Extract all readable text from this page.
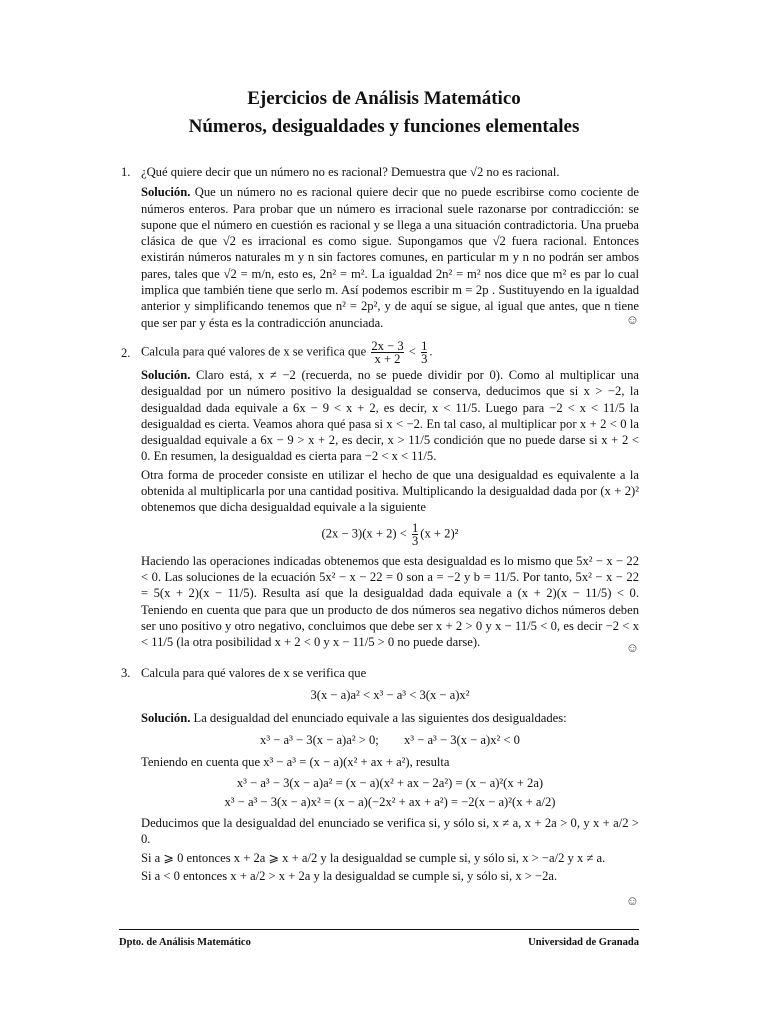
Ejercicios de Análisis Matemático
Números, desigualdades y funciones elementales
1. ¿Qué quiere decir que un número no es racional? Demuestra que √2 no es racional.

Solución. Que un número no es racional quiere decir que no puede escribirse como cociente de números enteros. Para probar que un número es irracional suele razonarse por contradicción: se supone que el número en cuestión es racional y se llega a una situación contradictoria. Una prueba clásica de que √2 es irracional es como sigue. Supongamos que √2 fuera racional. Entonces existirán números naturales m y n sin factores comunes, en particular m y n no podrán ser ambos pares, tales que √2 = m/n, esto es, 2n² = m². La igualdad 2n² = m² nos dice que m² es par lo cual implica que también tiene que serlo m. Así podemos escribir m = 2p . Sustituyendo en la igualdad anterior y simplificando tenemos que n² = 2p², y de aquí se sigue, al igual que antes, que n tiene que ser par y ésta es la contradicción anunciada.	☺
2. Calcula para qué valores de x se verifica que $\frac{2x - 3}{x + 2} < \frac{1}{3}$ .

Solución. Claro está, x ≠ −2 (recuerda, no se puede dividir por 0). Como al multiplicar una desigualdad por un número positivo la desigualdad se conserva, deducimos que si x > −2, la desigualdad dada equivale a 6x − 9 < x + 2, es decir, x < 11/5. Luego para −2 < x < 11/5 la desigualdad es cierta. Veamos ahora qué pasa si x < −2. En tal caso, al multiplicar por x + 2 < 0 la desigualdad equivale a 6x − 9 > x + 2, es decir, x > 11/5 condición que no puede darse si x + 2 < 0. En resumen, la desigualdad es cierta para −2 < x < 11/5.

Otra forma de proceder consiste en utilizar el hecho de que una desigualdad es equivalente a la obtenida al multiplicarla por una cantidad positiva. Multiplicando la desigualdad dada por (x + 2)² obtenemos que dicha desigualdad equivale a la siguiente

$(2x - 3)(x + 2) < \frac{1}{3} (x + 2)^2$

Haciendo las operaciones indicadas obtenemos que esta desigualdad es lo mismo que 5x² − x − 22 < 0. Las soluciones de la ecuación 5x² − x − 22 = 0 son a = −2 y b = 11/5. Por tanto, 5x² − x − 22 = 5(x + 2)(x − 11/5). Resulta así que la desigualdad dada equivale a (x + 2)(x − 11/5) < 0. Teniendo en cuenta que para que un producto de dos números sea negativo dichos números deben ser uno positivo y otro negativo, concluimos que debe ser x + 2 > 0 y x − 11/5 < 0, es decir −2 < x < 11/5 (la otra posibilidad x + 2 < 0 y x − 11/5 > 0 no puede darse).	☺
3. Calcula para qué valores de x se verifica que

3(x − a)a² < x³ − a³ < 3(x − a)x²

Solución. La desigualdad del enunciado equivale a las siguientes dos desigualdades:

x³ − a³ − 3(x − a)a² > 0;        x³ − a³ − 3(x − a)x² < 0

Teniendo en cuenta que x³ − a³ = (x − a)(x² + ax + a²), resulta

x³ − a³ − 3(x − a)a² = (x − a)(x² + ax − 2a²) = (x − a)²(x + 2a)

x³ − a³ − 3(x − a)x² = (x − a)(−2x² + ax + a²) = −2(x − a)²(x + a/2)

Deducimos que la desigualdad del enunciado se verifica si, y sólo si, x ≠ a, x + 2a > 0, y x + a/2 > 0.

Si a ⩾ 0 entonces x + 2a ⩾ x + a/2 y la desigualdad se cumple si, y sólo si, x > −a/2 y x ≠ a.

Si a < 0 entonces x + a/2 > x + 2a y la desigualdad se cumple si, y sólo si, x > −2a.

☺
Dpto. de Análisis Matemático	Universidad de Granada
